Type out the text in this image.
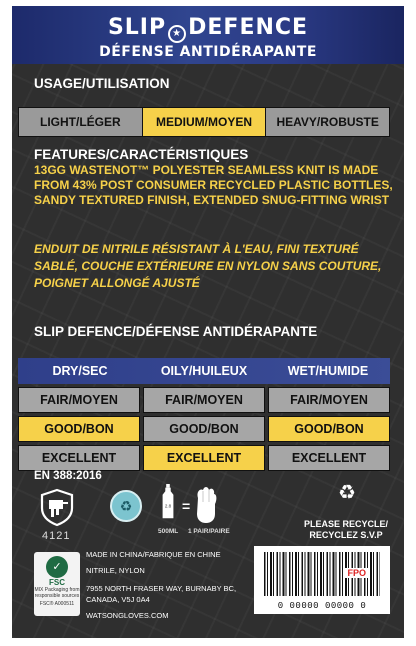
SLIP ★ DEFENCE
DÉFENSE ANTIDÉRAPANTE
USAGE/UTILISATION
LIGHT/LÉGER	MEDIUM/MOYEN	HEAVY/ROBUSTE
FEATURES/CARACTÉRISTIQUES
13GG WASTENOT™ POLYESTER SEAMLESS KNIT IS MADE FROM 43% POST CONSUMER RECYCLED PLASTIC BOTTLES, SANDY TEXTURED FINISH, EXTENDED SNUG-FITTING WRIST
ENDUIT DE NITRILE RÉSISTANT À L'EAU, FINI TEXTURÉ SABLÉ, COUCHE EXTÉRIEURE EN NYLON SANS COUTURE, POIGNET ALLONGÉ AJUSTÉ
SLIP DEFENCE/DÉFENSE ANTIDÉRAPANTE
DRY/SEC	OILY/HUILEUX	WET/HUMIDE
FAIR/MOYEN	FAIR/MOYEN	FAIR/MOYEN
GOOD/BON	GOOD/BON	GOOD/BON
EXCELLENT	EXCELLENT	EXCELLENT
EN 388:2016
4121
♻	2.8 =
500ML 1 PAIR/PAIRE
♻
PLEASE RECYCLE/ RECYCLEZ S.V.P
✓
FSC
MIX Packaging from responsible sources
FSC® A000511

MADE IN CHINA/FABRIQUE EN CHINE

NITRILE, NYLON

7955 NORTH FRASER WAY, BURNABY BC, CANADA, V5J 0A4

WATSONGLOVES.COM

FPO
0 00000 00000 0
